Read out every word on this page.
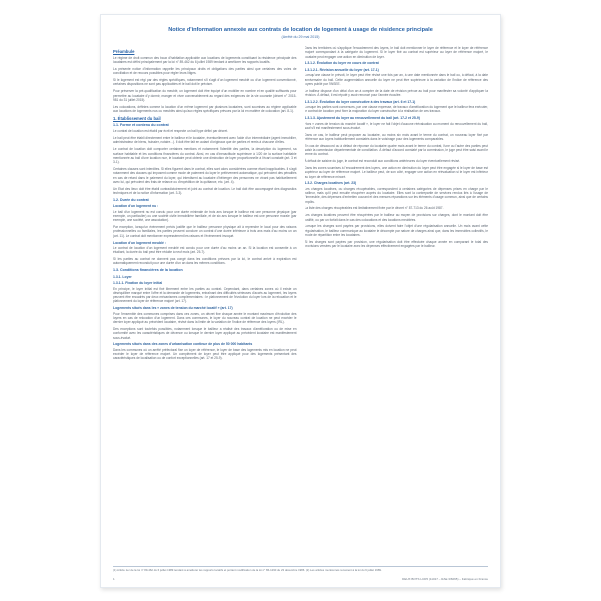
Notice d'information annexée aux contrats de location de logement à usage de résidence principale
(Arrêté du 29 mai 2015)
Préambule

Le régime de droit commun des baux d'habitation applicable aux locations de logements constituant la résidence principale des locataires est défini principalement par la loi n° 89-462 du 6 juillet 1989 tendant à améliorer les rapports locatifs.

La présente notice d'information rappelle les principaux droits et obligations des parties ainsi que certaines des voies de conciliation et de recours possibles pour régler leurs litiges.

Si le logement est régi par des règles spécifiques, notamment s'il s'agit d'un logement meublé ou d'un logement conventionné, certaines dispositions ne sont pas applicables et le bail doit le préciser.

Pour préserver la pré-qualification du meublé, un logement doit être équipé d'un mobilier en nombre et en qualité suffisants pour permettre au locataire d'y dormir, manger et vivre convenablement au regard des exigences de la vie courante (décret n° 2015-981 du 31 juillet 2015).

Les colocations, définies comme la location d'un même logement par plusieurs locataires, sont soumises au régime applicable aux locations de logements nus ou meublés ainsi qu'aux règles spécifiques prévues par la loi en matière de colocation (art. 8-1).

1. Établissement du bail
1.1. Forme et contenu du contrat

Le contrat de location est établi par écrit et respecte un bail type défini par décret.

Le bail peut être établi directement entre le bailleur et le locataire, éventuellement avec l'aide d'un intermédiaire (agent immobilier, administrateur de biens, huissier, notaire...). Il doit être fait en autant d'originaux que de parties et remis à chacune d'elles.

Le contrat de location doit comporter certaines mentions et notamment l'identité des parties, la description du logement, sa surface habitable et les conditions financières du contrat. Ainsi, en cas d'inexactitude supérieure à 1/20 de la surface habitable mentionnée au bail d'une location nue, le locataire peut obtenir une diminution de loyer proportionnelle à l'écart constaté (art. 3 et 3-1).

Certaines clauses sont interdites. Si elles figurent dans le contrat, elles sont alors considérées comme étant inapplicables. Il s'agit notamment des clauses qui imposent comme mode de paiement du loyer le prélèvement automatique, qui prévoient des pénalités en cas de retard dans le paiement du loyer, qui interdisent au locataire d'héberger des personnes ne vivant pas habituellement avec lui, qui prévoient des frais de relance ou d'expédition de la quittance, etc. (art. 4).

Un Etat des lieux doit être établi contradictoirement et joint au contrat de location. Le bail doit être accompagné des diagnostics techniques et de la notice d'information (art. 3-3).

1.2. Durée du contrat
Location d'un logement nu :

Le bail d'un logement nu est conclu pour une durée minimale de trois ans lorsque le bailleur est une personne physique (par exemple, un particulier) ou une société civile immobilière familiale, et de six ans lorsque le bailleur est une personne morale (par exemple, une société, une association).

Par exception, lorsqu'un événement précis justifie que le bailleur personne physique ait à reprendre le local pour des raisons professionnelles ou familiales, les parties peuvent conclure un contrat d'une durée inférieure à trois ans mais d'au moins un an (art. 11). Le contrat doit mentionner expressément les raisons et l'événement invoqué.

Location d'un logement meublé :

Le contrat de location d'un logement meublé est conclu pour une durée d'au moins un an. Si la location est consentie à un étudiant, la durée du bail peut être réduite à neuf mois (art. 25-7).

Si les parties au contrat ne donnent pas congé dans les conditions prévues par la loi, le contrat arrivé à expiration est automatiquement reconduit pour une durée d'un an dans les mêmes conditions.

1.3. Conditions financières de la location
1.3.1. Loyer
1.3.1.1. Fixation du loyer initial

En principe, le loyer initial est fixé librement entre les parties au contrat. Cependant, dans certaines zones où il existe un déséquilibre marqué entre l'offre et la demande de logements, entraînant des difficultés sérieuses d'accès au logement, les loyers peuvent être encadrés par deux mécanismes complémentaires : le plafonnement de l'évolution du loyer lors de la relocation et le plafonnement du loyer de référence majoré (art. 17).

Logements situés dans les « zones de tension du marché locatif » (art. 17)

Pour l'ensemble des communes comprises dans ces zones, un décret fixe chaque année le montant maximum d'évolution des loyers en cas de relocation d'un logement. Dans ces communes, le loyer du nouveau contrat de location ne peut excéder le dernier loyer appliqué au précédent locataire, révisé dans la limite de la variation de l'indice de référence des loyers (IRL).

Des exceptions sont toutefois possibles, notamment lorsque le bailleur a réalisé des travaux d'amélioration ou de mise en conformité avec les caractéristiques de décence ou lorsque le dernier loyer appliqué au précédent locataire est manifestement sous-évalué.

Logements situés dans des zones d'urbanisation continue de plus de 50 000 habitants

Dans les communes où un arrêté préfectoral fixe un loyer de référence, le loyer de base des logements mis en location ne peut excéder le loyer de référence majoré. Un complément de loyer peut être appliqué pour des logements présentant des caractéristiques de localisation ou de confort exceptionnelles (art. 17 et 25-9).

Dans les territoires où s'applique l'encadrement des loyers, le bail doit mentionner le loyer de référence et le loyer de référence majoré correspondant à la catégorie du logement. Si le loyer fixé au contrat est supérieur au loyer de référence majoré, le locataire peut engager une action en diminution de loyer.

1.3.1.2. Évolution du loyer en cours de contrat
1.3.1.2.1. Révision annuelle du loyer (art. 17-1)

Lorsqu'une clause le prévoit, le loyer peut être révisé une fois par an, à une date mentionnée dans le bail ou, à défaut, à la date anniversaire du bail. Cette augmentation annuelle du loyer ne peut être supérieure à la variation de l'indice de référence des loyers publié par l'INSEE.

Le bailleur dispose d'un délai d'un an à compter de la date de révision prévue au bail pour manifester sa volonté d'appliquer la révision. À défaut, il est réputé y avoir renoncé pour l'année écoulée.

1.3.1.2.2. Évolution du loyer consécutive à des travaux (art. 6 et 17-1)

Lorsque les parties sont convenues, par une clause expresse, de travaux d'amélioration du logement que le bailleur fera exécuter, le contrat de location peut fixer la majoration du loyer consécutive à la réalisation de ces travaux.

1.3.1.3. Ajustement du loyer au renouvellement du bail (art. 17-2 et 25-9)

Hors « zones de tension du marché locatif », le loyer ne fait l'objet d'aucune réévaluation au moment du renouvellement du bail, sauf s'il est manifestement sous-évalué.

Dans ce cas, le bailleur peut proposer au locataire, au moins six mois avant le terme du contrat, un nouveau loyer fixé par référence aux loyers habituellement constatés dans le voisinage pour des logements comparables.

En cas de désaccord ou à défaut de réponse du locataire quatre mois avant le terme du contrat, l'une ou l'autre des parties peut saisir la commission départementale de conciliation. À défaut d'accord constaté par la commission, le juge peut être saisi avant le terme du contrat.

À défaut de saisine du juge, le contrat est reconduit aux conditions antérieures du loyer éventuellement révisé.

Dans les zones soumises à l'encadrement des loyers, une action en diminution du loyer peut être engagée si le loyer de base est supérieur au loyer de référence majoré. Le bailleur peut, de son côté, engager une action en réévaluation si le loyer est inférieur au loyer de référence minoré.

1.3.2. Charges locatives (art. 23)

Les charges locatives, ou charges récupérables, correspondent à certaines catégories de dépenses prises en charge par le bailleur, mais qu'il peut ensuite récupérer auprès du locataire. Elles sont la contrepartie de services rendus liés à l'usage de l'immeuble, des dépenses d'entretien courant et des menues réparations sur les éléments d'usage commun, ainsi que de certains impôts.

La liste des charges récupérables est limitativement fixée par le décret n° 87-713 du 26 août 1987.

Les charges locatives peuvent être récupérées par le bailleur au moyen de provisions sur charges, dont le montant doit être justifié, ou par un forfait dans le cas des colocations et des locations meublées.

Lorsque les charges sont payées par provisions, elles doivent faire l'objet d'une régularisation annuelle. Un mois avant cette régularisation, le bailleur communique au locataire le décompte par nature de charges ainsi que, dans les immeubles collectifs, le mode de répartition entre les locataires.

Si les charges sont payées par provision, une régularisation doit être effectuée chaque année en comparant le total des provisions versées par le locataire avec les dépenses effectivement engagées par le bailleur.

(1) Article 1er de la loi n° 89-462 du 6 juillet 1989 tendant à améliorer les rapports locatifs et portant modification de la loi n° 86-1290 du 23 décembre 1986. (2) Les articles mentionnés renvoient à la loi du 6 juillet 1989.
1	DEUX BOTS LCD5 (11017 – RAE 3/6065) – Fabriqué en France
